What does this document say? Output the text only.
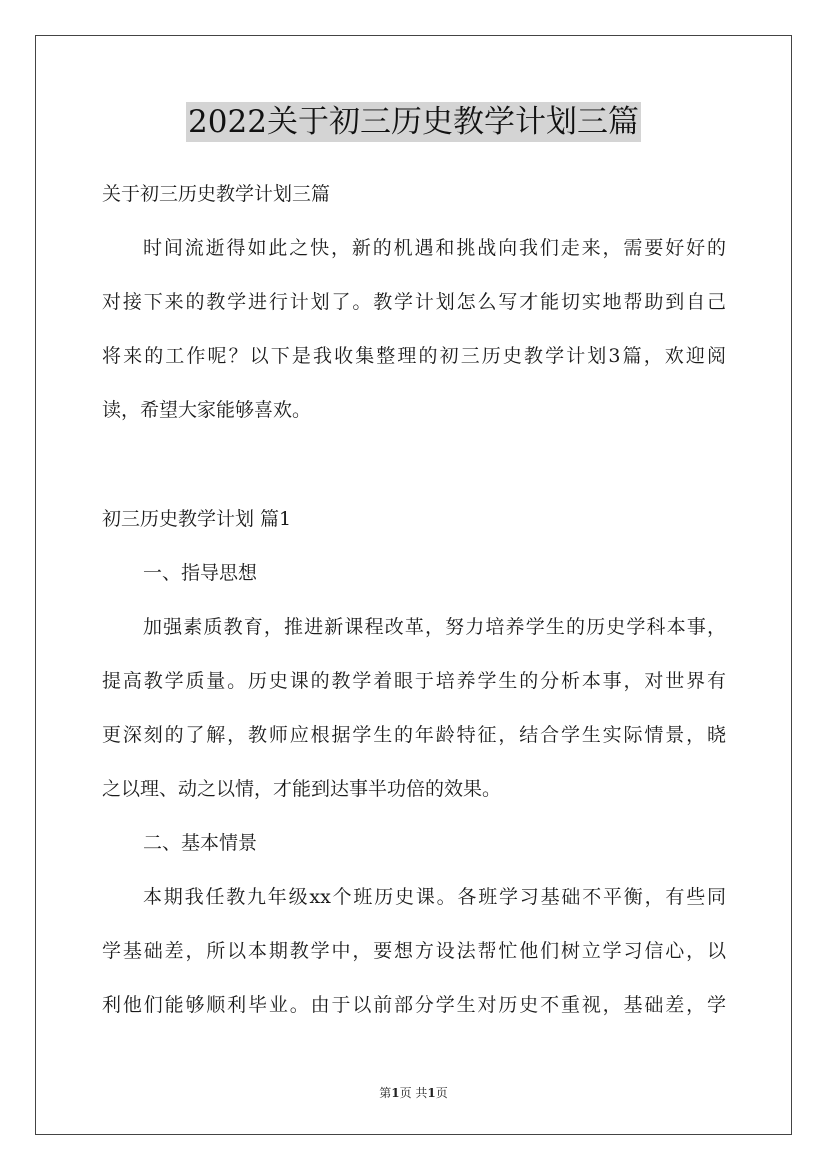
2022关于初三历史教学计划三篇
关于初三历史教学计划三篇
时间流逝得如此之快，新的机遇和挑战向我们走来，需要好好的
对接下来的教学进行计划了。教学计划怎么写才能切实地帮助到自己
将来的工作呢？以下是我收集整理的初三历史教学计划3篇，欢迎阅
读，希望大家能够喜欢。
初三历史教学计划 篇1
一、指导思想
加强素质教育，推进新课程改革，努力培养学生的历史学科本事，
提高教学质量。历史课的教学着眼于培养学生的分析本事，对世界有
更深刻的了解，教师应根据学生的年龄特征，结合学生实际情景，晓
之以理、动之以情，才能到达事半功倍的效果。
二、基本情景
本期我任教九年级xx个班历史课。各班学习基础不平衡，有些同
学基础差，所以本期教学中，要想方设法帮忙他们树立学习信心，以
利他们能够顺利毕业。由于以前部分学生对历史不重视，基础差，学
第1页 共1页
